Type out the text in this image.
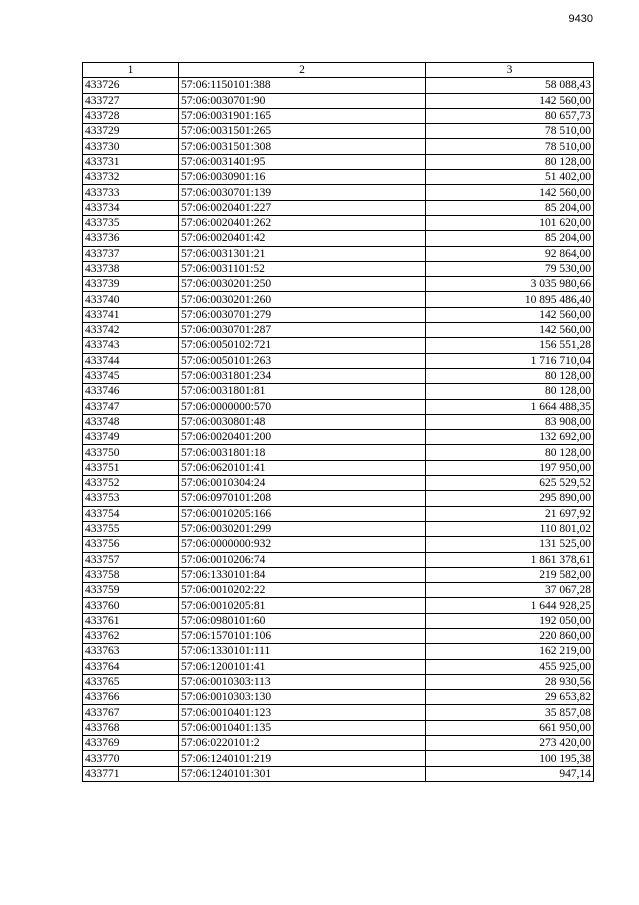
9430
1	2	3
433726	57:06:1150101:388	58 088,43
433727	57:06:0030701:90	142 560,00
433728	57:06:0031901:165	80 657,73
433729	57:06:0031501:265	78 510,00
433730	57:06:0031501:308	78 510,00
433731	57:06:0031401:95	80 128,00
433732	57:06:0030901:16	51 402,00
433733	57:06:0030701:139	142 560,00
433734	57:06:0020401:227	85 204,00
433735	57:06:0020401:262	101 620,00
433736	57:06:0020401:42	85 204,00
433737	57:06:0031301:21	92 864,00
433738	57:06:0031101:52	79 530,00
433739	57:06:0030201:250	3 035 980,66
433740	57:06:0030201:260	10 895 486,40
433741	57:06:0030701:279	142 560,00
433742	57:06:0030701:287	142 560,00
433743	57:06:0050102:721	156 551,28
433744	57:06:0050101:263	1 716 710,04
433745	57:06:0031801:234	80 128,00
433746	57:06:0031801:81	80 128,00
433747	57:06:0000000:570	1 664 488,35
433748	57:06:0030801:48	83 908,00
433749	57:06:0020401:200	132 692,00
433750	57:06:0031801:18	80 128,00
433751	57:06:0620101:41	197 950,00
433752	57:06:0010304:24	625 529,52
433753	57:06:0970101:208	295 890,00
433754	57:06:0010205:166	21 697,92
433755	57:06:0030201:299	110 801,02
433756	57:06:0000000:932	131 525,00
433757	57:06:0010206:74	1 861 378,61
433758	57:06:1330101:84	219 582,00
433759	57:06:0010202:22	37 067,28
433760	57:06:0010205:81	1 644 928,25
433761	57:06:0980101:60	192 050,00
433762	57:06:1570101:106	220 860,00
433763	57:06:1330101:111	162 219,00
433764	57:06:1200101:41	455 925,00
433765	57:06:0010303:113	28 930,56
433766	57:06:0010303:130	29 653,82
433767	57:06:0010401:123	35 857,08
433768	57:06:0010401:135	661 950,00
433769	57:06:0220101:2	273 420,00
433770	57:06:1240101:219	100 195,38
433771	57:06:1240101:301	947,14
